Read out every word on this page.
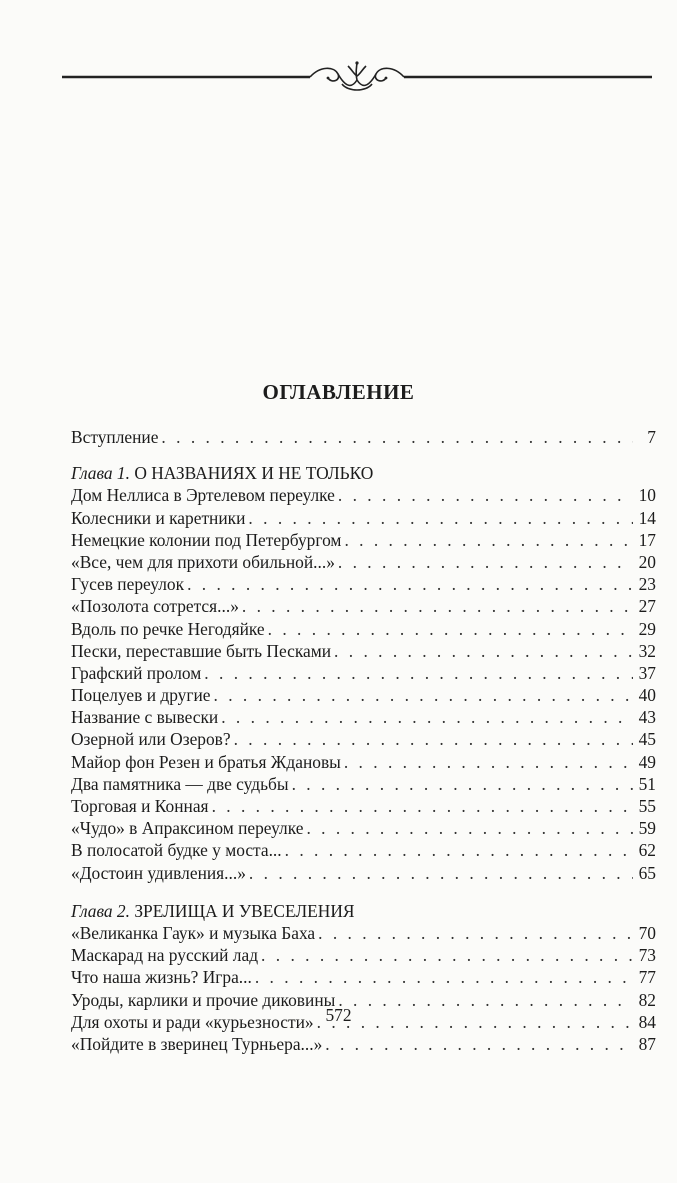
ОГЛАВЛЕНИЕ
Вступление . . .	7
Глава 1. О НАЗВАНИЯХ И НЕ ТОЛЬКО
Дом Неллиса в Эртелевом переулке . . .	10
Колесники и каретники . . .	14
Немецкие колонии под Петербургом . . .	17
«Все, чем для прихоти обильной...» . . .	20
Гусев переулок . . .	23
«Позолота сотрется...» . . .	27
Вдоль по речке Негодяйке . . .	29
Пески, переставшие быть Песками . . .	32
Графский пролом . . .	37
Поцелуев и другие . . .	40
Название с вывески . . .	43
Озерной или Озеров? . . .	45
Майор фон Резен и братья Ждановы . . .	49
Два памятника — две судьбы . . .	51
Торговая и Конная . . .	55
«Чудо» в Апраксином переулке . . .	59
В полосатой будке у моста... . . .	62
«Достоин удивления...» . . .	65
Глава 2. ЗРЕЛИЩА И УВЕСЕЛЕНИЯ
«Великанка Гаук» и музыка Баха . . .	70
Маскарад на русский лад . . .	73
Что наша жизнь? Игра... . . .	77
Уроды, карлики и прочие диковины . . .	82
Для охоты и ради «курьезности» . . .	84
«Пойдите в зверинец Турньера...» . . .	87
572
